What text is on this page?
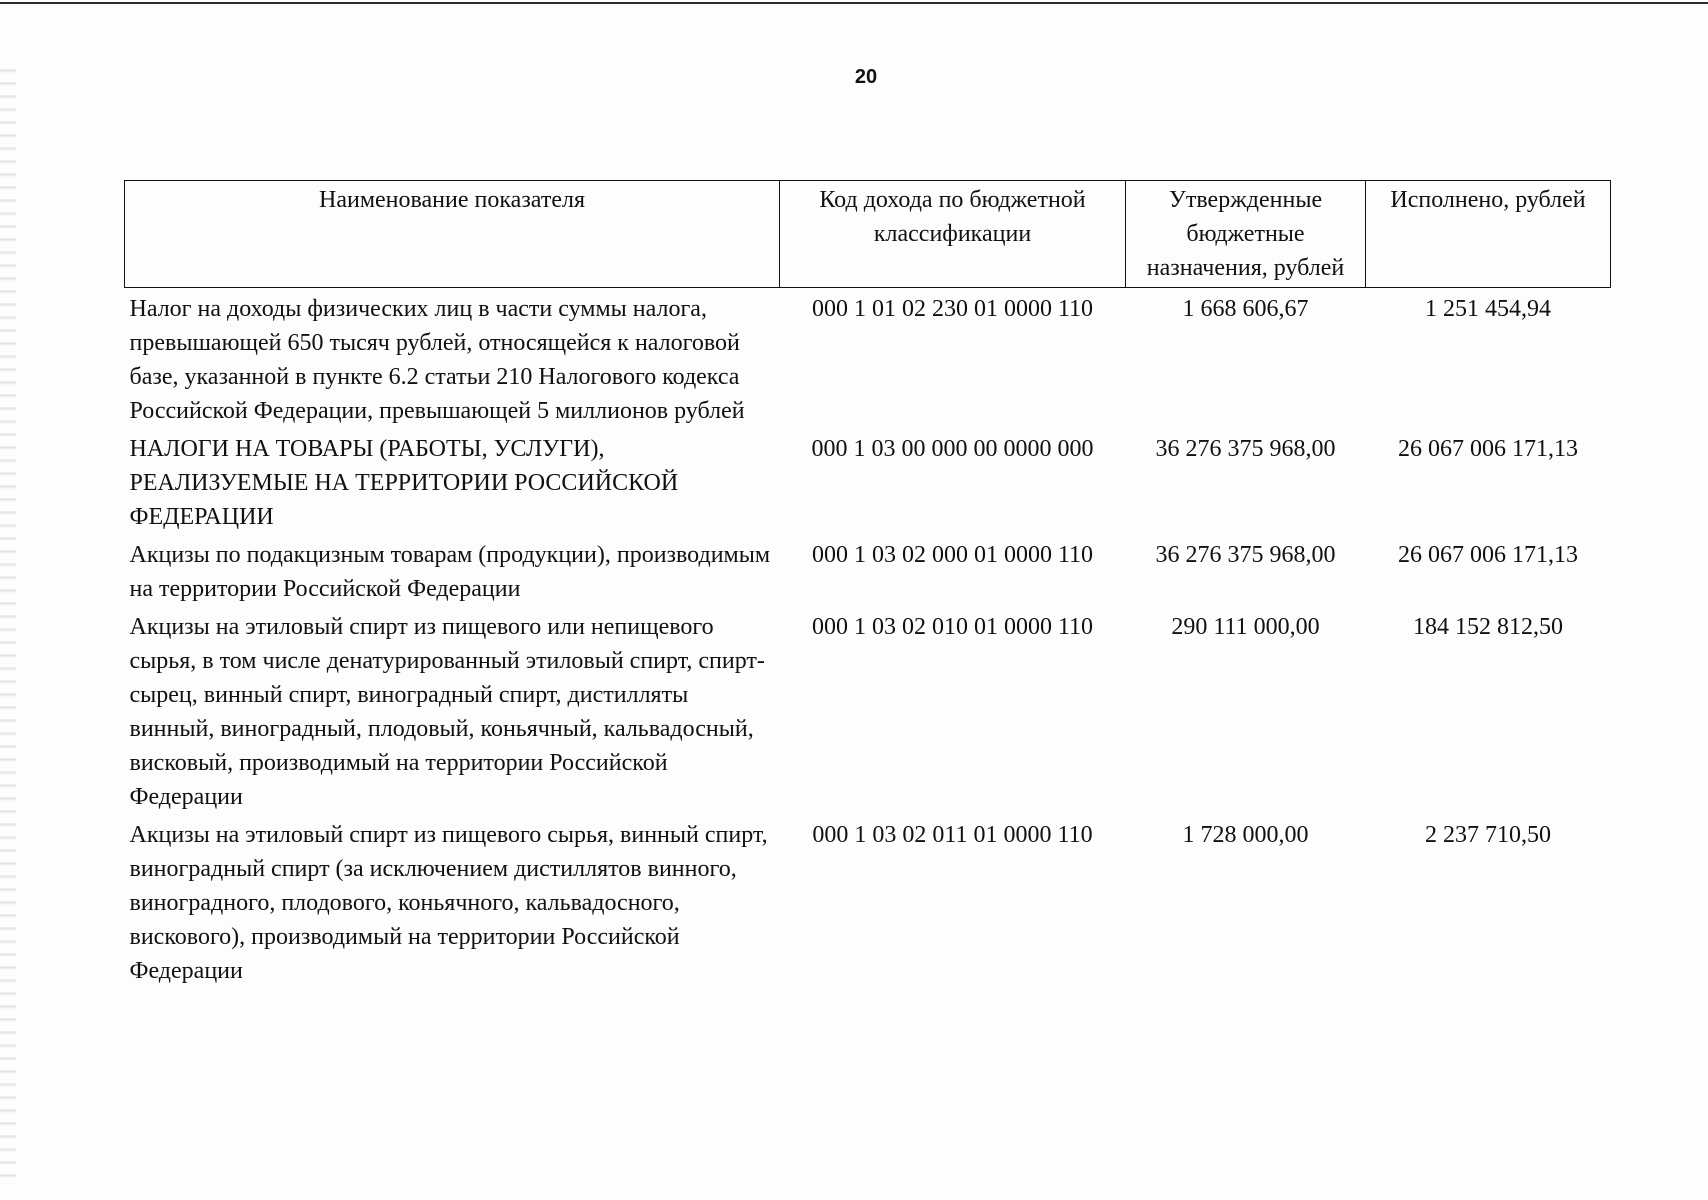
20
Наименование показателя	Код дохода по бюджетной классификации	Утвержденные бюджетные назначения, рублей	Исполнено, рублей
Налог на доходы физических лиц в части суммы налога, превышающей 650 тысяч рублей, относящейся к налоговой базе, указанной в пункте 6.2 статьи 210 Налогового кодекса Российской Федерации, превышающей 5 миллионов рублей	000 1 01 02 230 01 0000 110	1 668 606,67	1 251 454,94
НАЛОГИ НА ТОВАРЫ (РАБОТЫ, УСЛУГИ), РЕАЛИЗУЕМЫЕ НА ТЕРРИТОРИИ РОССИЙСКОЙ ФЕДЕРАЦИИ	000 1 03 00 000 00 0000 000	36 276 375 968,00	26 067 006 171,13
Акцизы по подакцизным товарам (продукции), производимым на территории Российской Федерации	000 1 03 02 000 01 0000 110	36 276 375 968,00	26 067 006 171,13
Акцизы на этиловый спирт из пищевого или непищевого сырья, в том числе денатурированный этиловый спирт, спирт-сырец, винный спирт, виноградный спирт, дистилляты винный, виноградный, плодовый, коньячный, кальвадосный, висковый, производимый на территории Российской Федерации	000 1 03 02 010 01 0000 110	290 111 000,00	184 152 812,50
Акцизы на этиловый спирт из пищевого сырья, винный спирт, виноградный спирт (за исключением дистиллятов винного, виноградного, плодового, коньячного, кальвадосного, вискового), производимый на территории Российской Федерации	000 1 03 02 011 01 0000 110	1 728 000,00	2 237 710,50
